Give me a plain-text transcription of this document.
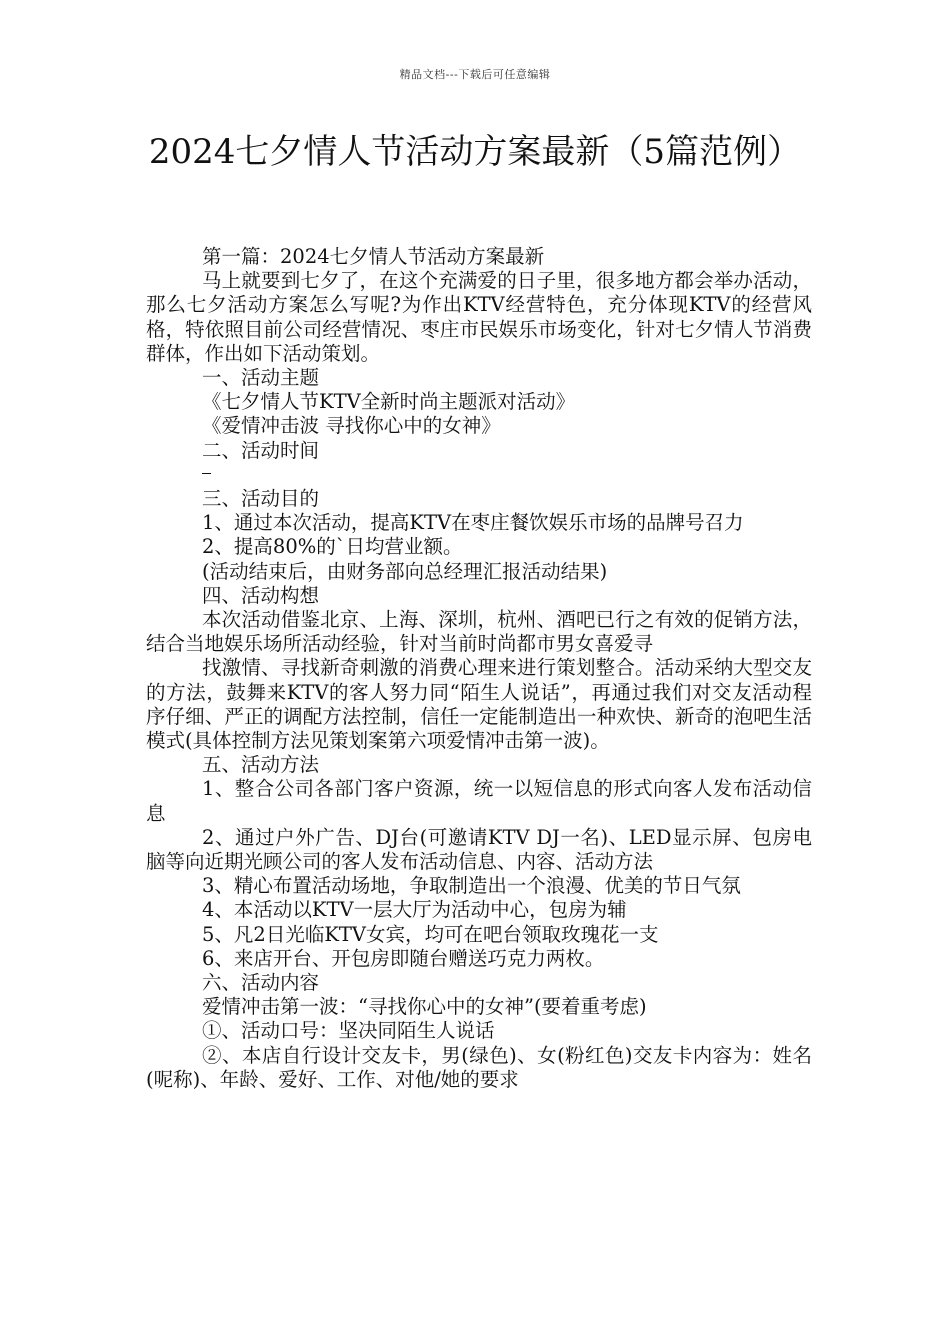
精品文档---下载后可任意编辑
2024七夕情人节活动方案最新（5篇范例）

第一篇：2024七夕情人节活动方案最新

马上就要到七夕了，在这个充满爱的日子里，很多地方都会举办活动，那么七夕活动方案怎么写呢?为作出KTV经营特色，充分体现KTV的经营风格，特依照目前公司经营情况、枣庄市民娱乐市场变化，针对七夕情人节消费群体，作出如下活动策划。

一、活动主题

《七夕情人节KTV全新时尚主题派对活动》

《爱情冲击波 寻找你心中的女神》

二、活动时间

三、活动目的

1、通过本次活动，提高KTV在枣庄餐饮娱乐市场的品牌号召力

2、提高80%的`日均营业额。

(活动结束后，由财务部向总经理汇报活动结果)

四、活动构想

本次活动借鉴北京、上海、深圳，杭州、酒吧已行之有效的促销方法，结合当地娱乐场所活动经验，针对当前时尚都市男女喜爱寻

找激情、寻找新奇刺激的消费心理来进行策划整合。活动采纳大型交友的方法，鼓舞来KTV的客人努力同“陌生人说话”，再通过我们对交友活动程序仔细、严正的调配方法控制，信任一定能制造出一种欢快、新奇的泡吧生活模式(具体控制方法见策划案第六项爱情冲击第一波)。

五、活动方法

1、整合公司各部门客户资源，统一以短信息的形式向客人发布活动信息

2、通过户外广告、DJ台(可邀请KTV DJ一名)、LED显示屏、包房电脑等向近期光顾公司的客人发布活动信息、内容、活动方法

3、精心布置活动场地，争取制造出一个浪漫、优美的节日气氛

4、本活动以KTV一层大厅为活动中心，包房为辅

5、凡2日光临KTV女宾，均可在吧台领取玫瑰花一支

6、来店开台、开包房即随台赠送巧克力两枚。

六、活动内容

爱情冲击第一波：“寻找你心中的女神”(要着重考虑)

①、活动口号：坚决同陌生人说话

②、本店自行设计交友卡，男(绿色)、女(粉红色)交友卡内容为：姓名(呢称)、年龄、爱好、工作、对他/她的要求
